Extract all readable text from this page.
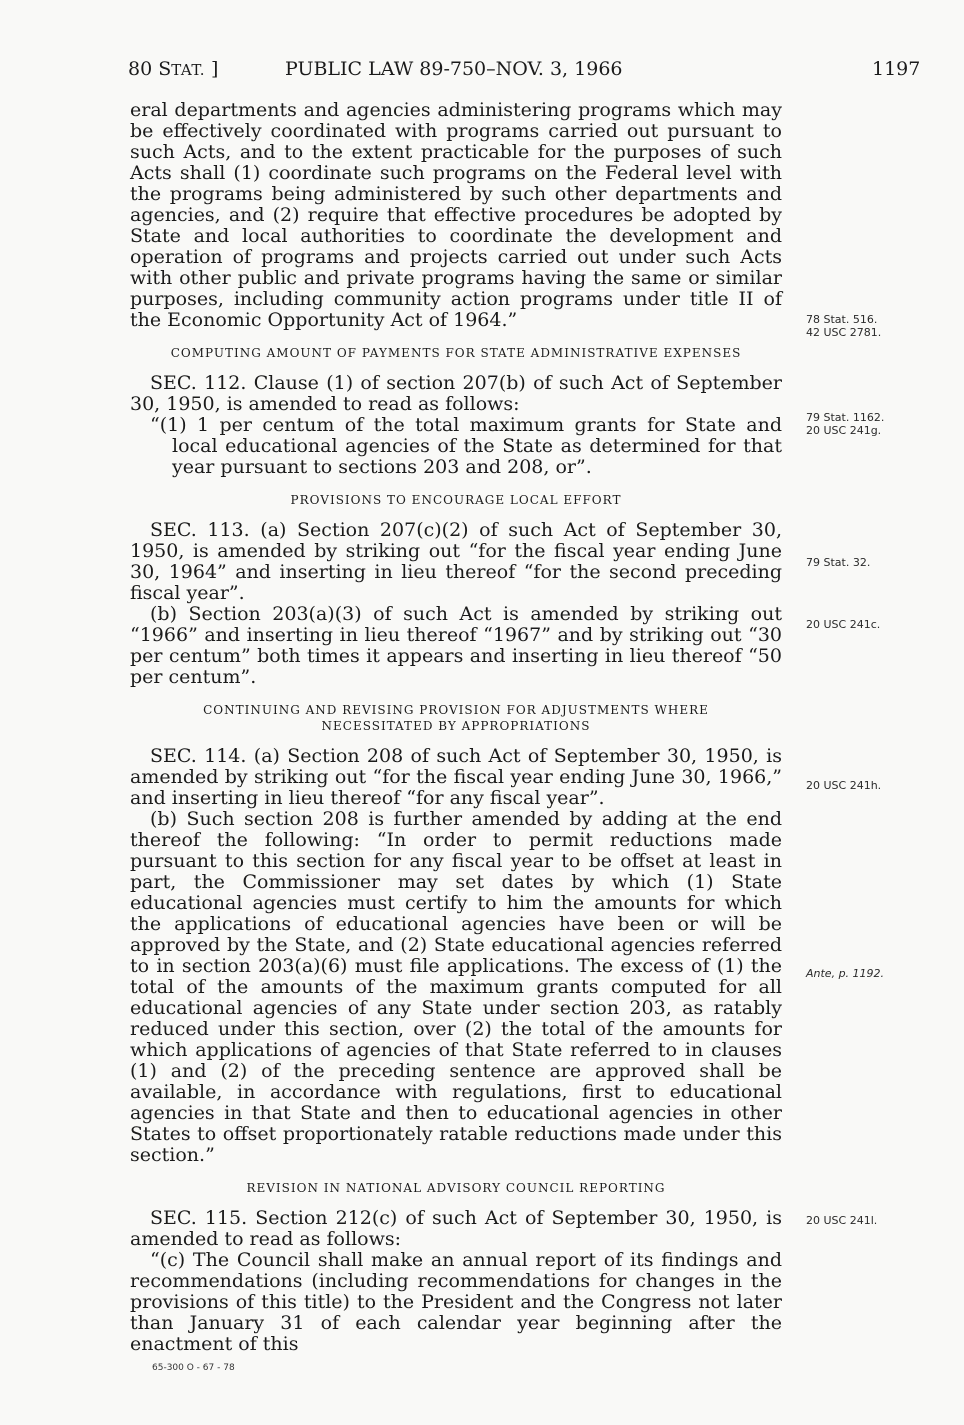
80 STAT. ]	PUBLIC LAW 89-750–NOV. 3, 1966	1197

eral departments and agencies administering programs which may be effectively coordinated with programs carried out pursuant to such Acts, and to the extent practicable for the purposes of such Acts shall (1) coordinate such programs on the Federal level with the programs being administered by such other departments and agencies, and (2) require that effective procedures be adopted by State and local authorities to coordinate the development and operation of programs and projects carried out under such Acts with other public and private programs having the same or similar purposes, including community action programs under title II of the Economic Opportunity Act of 1964.”

COMPUTING AMOUNT OF PAYMENTS FOR STATE ADMINISTRATIVE EXPENSES

SEC. 112. Clause (1) of section 207(b) of such Act of September 30, 1950, is amended to read as follows:

“(1) 1 per centum of the total maximum grants for State and local educational agencies of the State as determined for that year pursuant to sections 203 and 208, or”.

PROVISIONS TO ENCOURAGE LOCAL EFFORT

SEC. 113. (a) Section 207(c)(2) of such Act of September 30, 1950, is amended by striking out “for the fiscal year ending June 30, 1964” and inserting in lieu thereof “for the second preceding fiscal year”.

(b) Section 203(a)(3) of such Act is amended by striking out “1966” and inserting in lieu thereof “1967” and by striking out “30 per centum” both times it appears and inserting in lieu thereof “50 per centum”.

CONTINUING AND REVISING PROVISION FOR ADJUSTMENTS WHERE
NECESSITATED BY APPROPRIATIONS

SEC. 114. (a) Section 208 of such Act of September 30, 1950, is amended by striking out “for the fiscal year ending June 30, 1966,” and inserting in lieu thereof “for any fiscal year”.

(b) Such section 208 is further amended by adding at the end thereof the following: “In order to permit reductions made pursuant to this section for any fiscal year to be offset at least in part, the Commissioner may set dates by which (1) State educational agencies must certify to him the amounts for which the applications of educational agencies have been or will be approved by the State, and (2) State educational agencies referred to in section 203(a)(6) must file applications. The excess of (1) the total of the amounts of the maximum grants computed for all educational agencies of any State under section 203, as ratably reduced under this section, over (2) the total of the amounts for which applications of agencies of that State referred to in clauses (1) and (2) of the preceding sentence are approved shall be available, in accordance with regulations, first to educational agencies in that State and then to educational agencies in other States to offset proportionately ratable reductions made under this section.”

REVISION IN NATIONAL ADVISORY COUNCIL REPORTING

SEC. 115. Section 212(c) of such Act of September 30, 1950, is amended to read as follows:

“(c) The Council shall make an annual report of its findings and recommendations (including recommendations for changes in the provisions of this title) to the President and the Congress not later than January 31 of each calendar year beginning after the enactment of this

78 Stat. 516.
42 USC 2781.
79 Stat. 1162.
20 USC 241g.
79 Stat. 32.
20 USC 241c.
20 USC 241h.
Ante, p. 1192.
20 USC 241l.
65-300 O - 67 - 78
